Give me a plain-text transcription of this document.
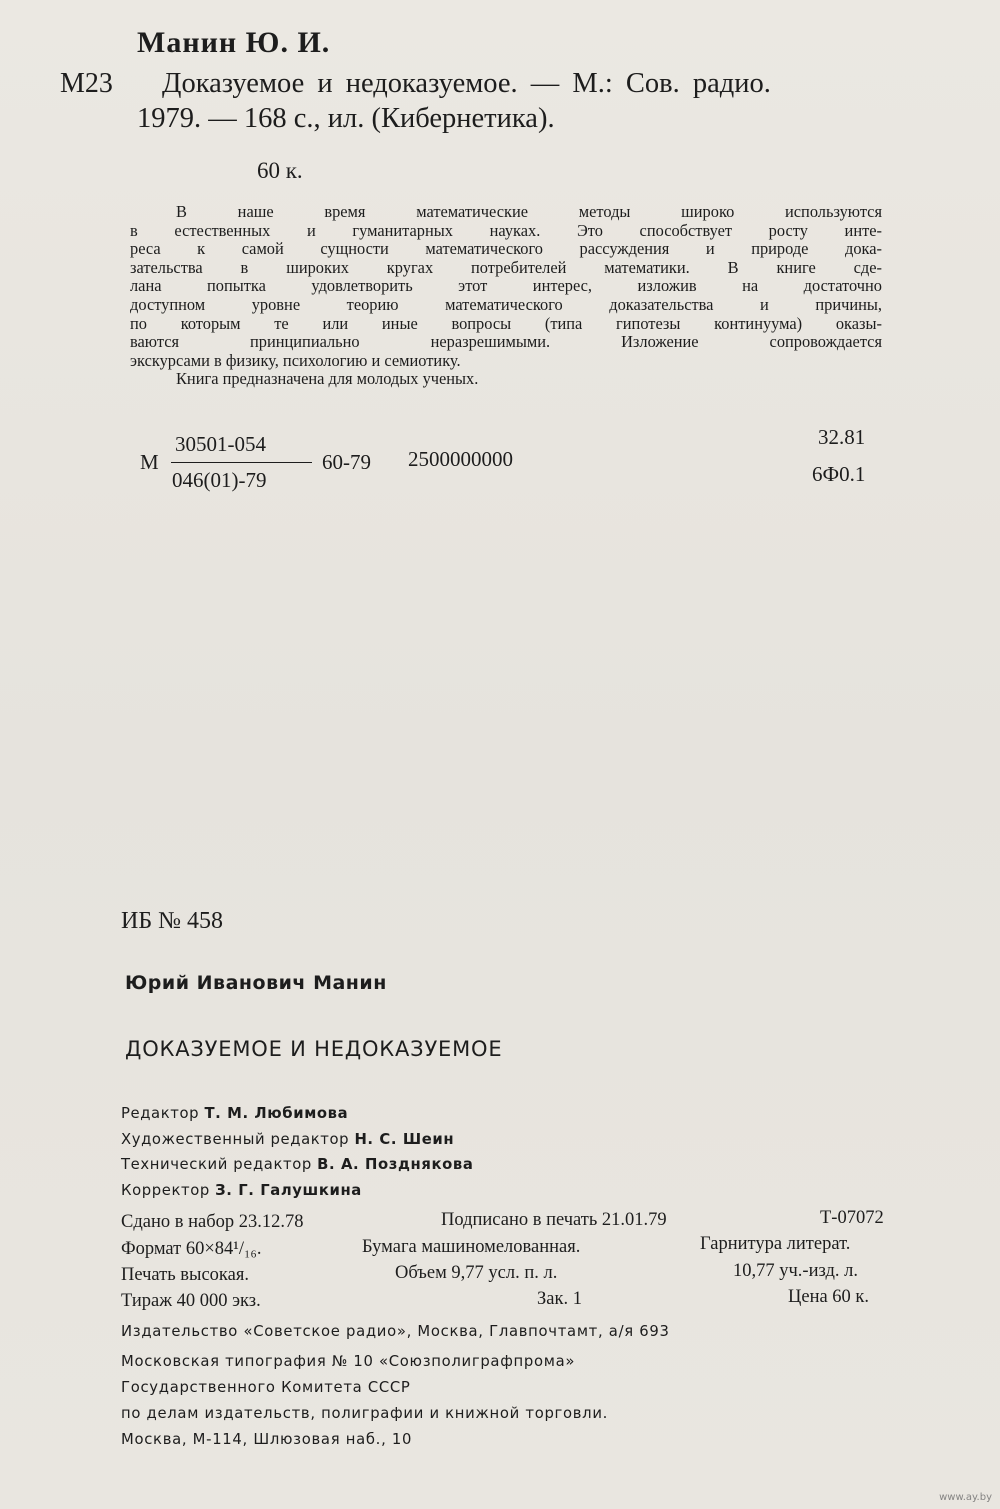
Манин Ю. И.
М23 Доказуемое и недоказуемое. — М.: Сов. радио.
1979. — 168 с., ил. (Кибернетика).
60 к.

В наше время математические методы широко используются

в естественных и гуманитарных науках. Это способствует росту инте-
реса к самой сущности математического рассуждения и природе дока-
зательства в широких кругах потребителей математики. В книге сде-
лана попытка удовлетворить этот интерес, изложив на достаточно
доступном уровне теорию математического доказательства и причины,
по которым те или иные вопросы (типа гипотезы континуума) оказы-
ваются принципиально неразрешимыми. Изложение сопровождается
экскурсами в физику, психологию и семиотику.

Книга предназначена для молодых ученых.

М
30501-054
046(01)-79
60-79 2500000000
32.81
6Ф0.1
ИБ № 458
Юрий Иванович Манин
ДОКАЗУЕМОЕ И НЕДОКАЗУЕМОЕ
Редактор Т. М. Любимова
Художественный редактор Н. С. Шеин
Технический редактор В. А. Позднякова
Корректор З. Г. Галушкина
Сдано в набор 23.12.78	Подписано в печать 21.01.79	Т-07072
Формат 60×84¹/₁₆.	Бумага машиномелованная.	Гарнитура литерат.
Печать высокая.	Объем 9,77 усл. п. л.	10,77 уч.-изд. л.
Тираж 40 000 экз.	Зак. 1	Цена 60 к.
Издательство «Советское радио», Москва, Главпочтамт, а/я 693
Московская типография № 10 «Союзполиграфпрома»
Государственного Комитета СССР
по делам издательств, полиграфии и книжной торговли.
Москва, М-114, Шлюзовая наб., 10
www.ay.by
